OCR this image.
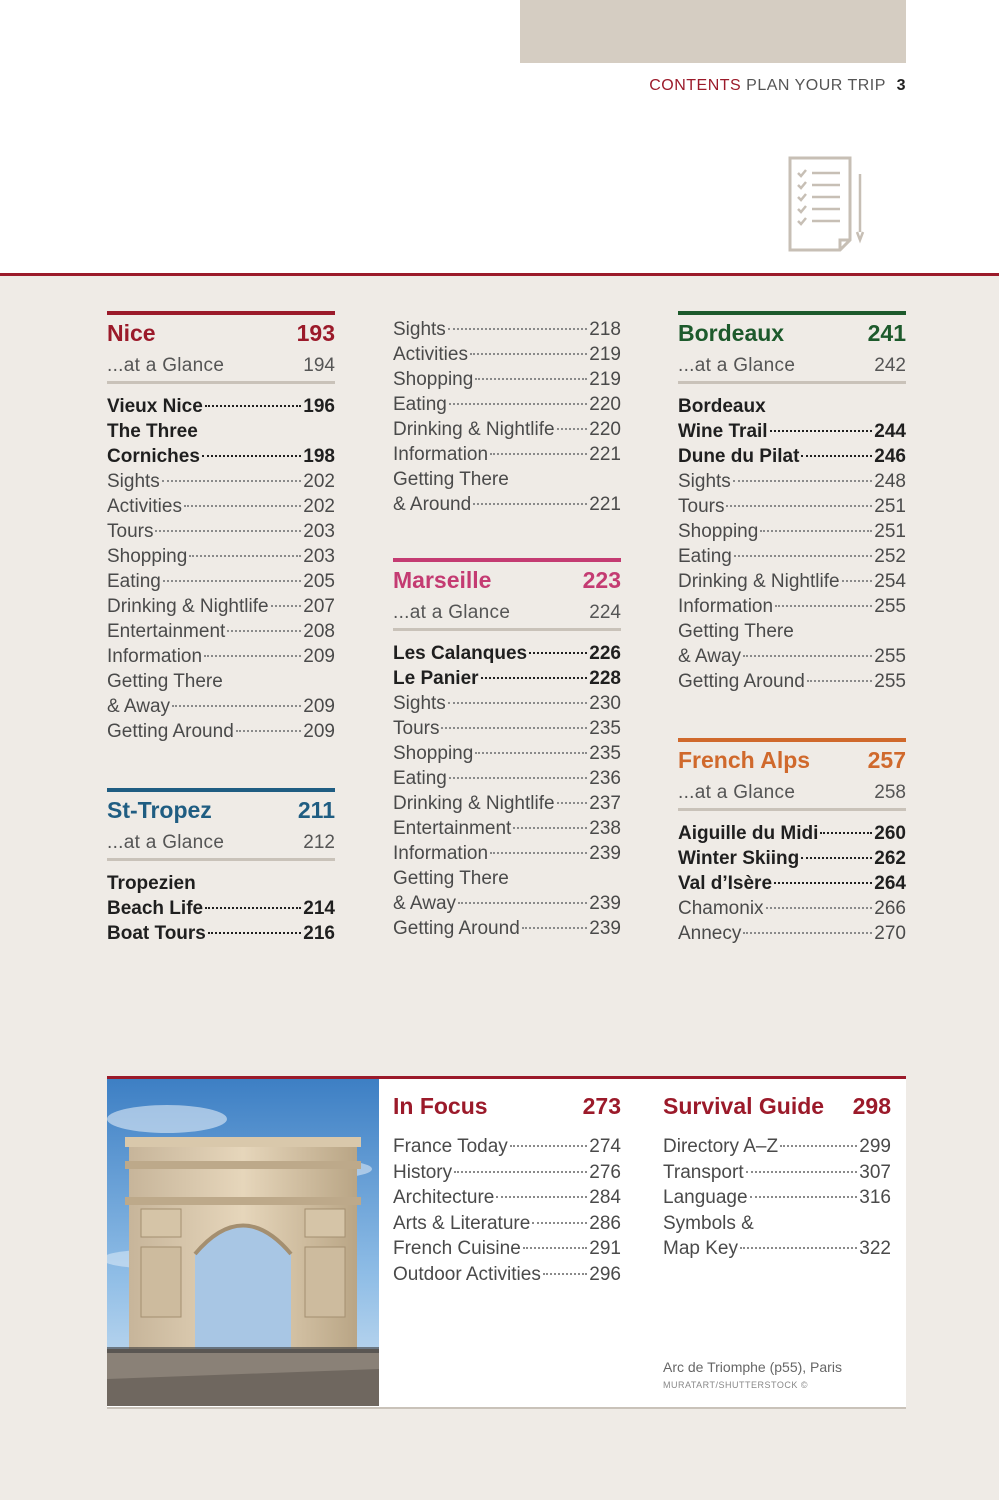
CONTENTS PLAN YOUR TRIP 3
Nice	193
...at a Glance	194
Vieux Nice	196
The Three
Corniches	198
Sights	202
Activities	202
Tours	203
Shopping	203
Eating	205
Drinking & Nightlife 207
Entertainment	208
Information	209
Getting There
& Away	209
Getting Around	209
St-Tropez	211
...at a Glance	212
Tropezien
Beach Life	214
Boat Tours	216
Sights	218
Activities	219
Shopping	219
Eating	220
Drinking & Nightlife 220
Information	221
Getting There
& Around	221
Marseille	223
...at a Glance	224
Les Calanques	226
Le Panier	228
Sights	230
Tours	235
Shopping	235
Eating	236
Drinking & Nightlife 237
Entertainment	238
Information	239
Getting There
& Away	239
Getting Around	239
Bordeaux	241
...at a Glance	242
Bordeaux
Wine Trail	244
Dune du Pilat	246
Sights	248
Tours	251
Shopping	251
Eating	252
Drinking & Nightlife 254
Information	255
Getting There
& Away	255
Getting Around	255
French Alps	257
...at a Glance	258
Aiguille du Midi	260
Winter Skiing	262
Val d’Isère	264
Chamonix	266
Annecy	270
In Focus	273
France Today	274
History	276
Architecture	284
Arts & Literature	286
French Cuisine	291
Outdoor Activities	296
Survival Guide 298
Directory A–Z	299
Transport	307
Language	316
Symbols &
Map Key	322
Arc de Triomphe (p55), Paris
MURATART/SHUTTERSTOCK ©
